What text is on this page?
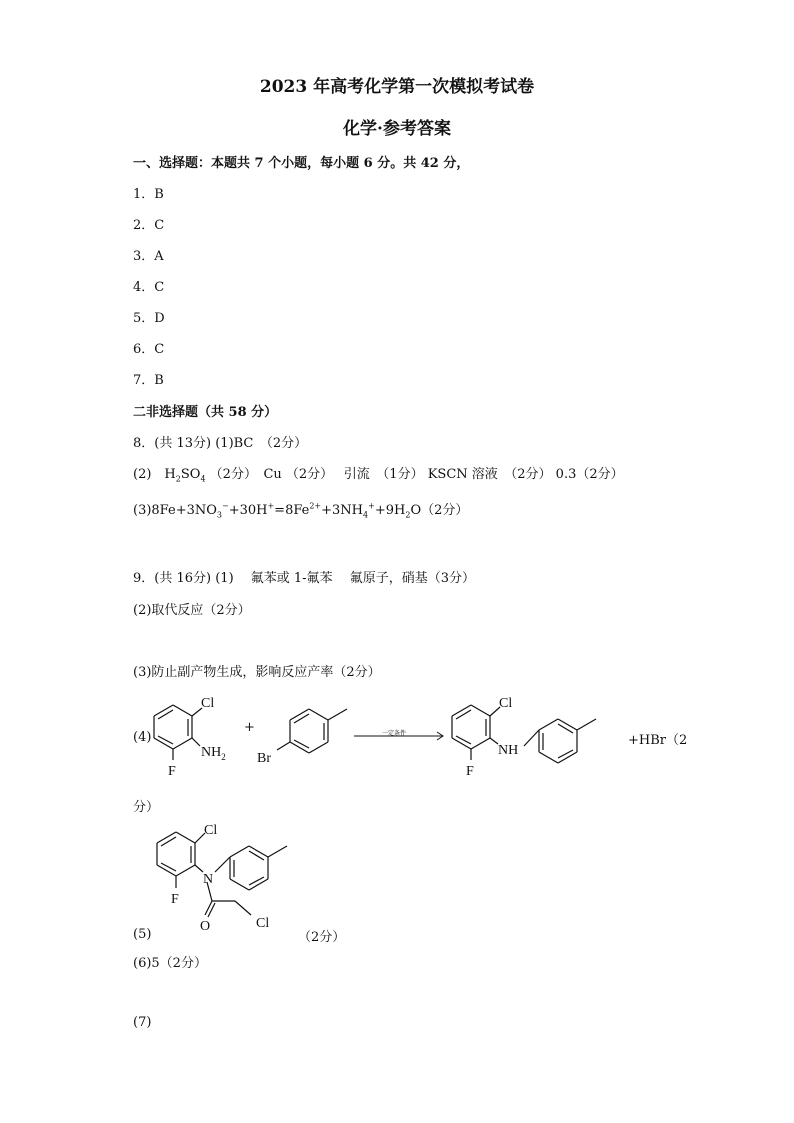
2023 年高考化学第一次模拟考试卷
化学·参考答案
一、选择题：本题共 7 个小题，每小题 6 分。共 42 分，
1．B
2．C
3．A
4．C
5．D
6．C
7．B
二非选择题（共 58 分）
8．(共 13分) (1)BC　（2分）
(2)　$H_2SO_4$ （2分）　Cu （2分）　 引流　（1分） KSCN 溶液　（2分） 0.3（2分）
$(3)8Fe+3NO_3^-+30H^+=8Fe^{2+}+3NH_4^++9H_2O(2$分）
9．(共 16分) (1)　 氟苯或 1-氟苯　 氟原子，硝基（3分）
(2)取代反应（2分）
(3)防止副产物生成，影响反应产率（2分）
(4)
Cl
$NH_2$
F
+
Br
一定条件
Cl
NH
F
+HBr（2
分）
Cl
N
F
O	Cl
(5)	（2分）
(6)5（2分）
(7)
